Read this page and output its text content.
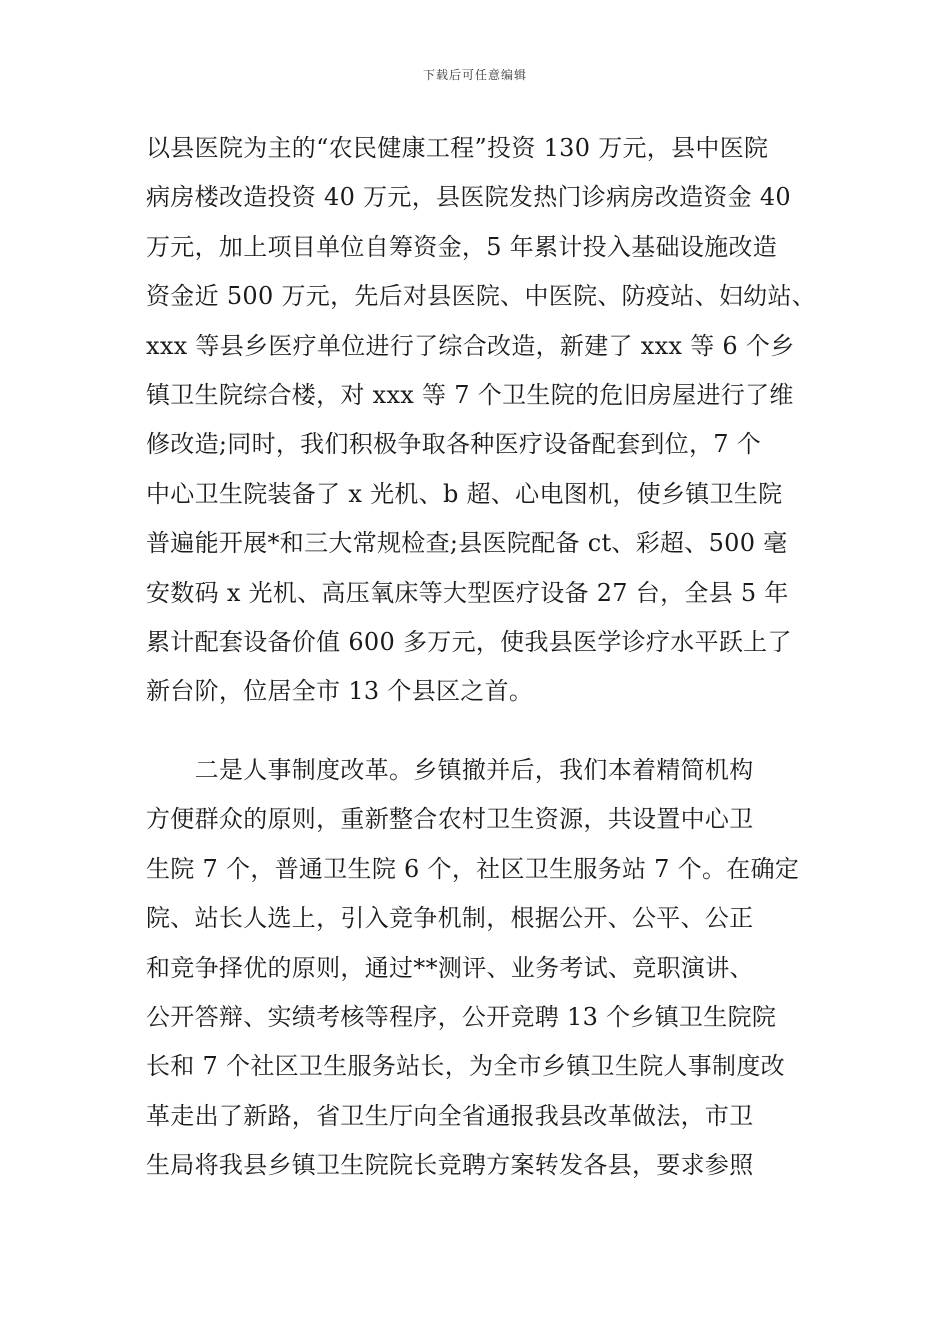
下载后可任意编辑
以县医院为主的“农民健康工程”投资 130 万元，县中医院
病房楼改造投资 40 万元，县医院发热门诊病房改造资金 40
万元，加上项目单位自筹资金，5 年累计投入基础设施改造
资金近 500 万元，先后对县医院、中医院、防疫站、妇幼站、
xxx 等县乡医疗单位进行了综合改造，新建了 xxx 等 6 个乡
镇卫生院综合楼，对 xxx 等 7 个卫生院的危旧房屋进行了维
修改造;同时，我们积极争取各种医疗设备配套到位，7 个
中心卫生院装备了 x 光机、b 超、心电图机，使乡镇卫生院
普遍能开展*和三大常规检查;县医院配备 ct、彩超、500 毫
安数码 x 光机、高压氧床等大型医疗设备 27 台，全县 5 年
累计配套设备价值 600 多万元，使我县医学诊疗水平跃上了
新台阶，位居全市 13 个县区之首。
　　二是人事制度改革。乡镇撤并后，我们本着精简机构
方便群众的原则，重新整合农村卫生资源，共设置中心卫
生院 7 个，普通卫生院 6 个，社区卫生服务站 7 个。在确定
院、站长人选上，引入竞争机制，根据公开、公平、公正
和竞争择优的原则，通过**测评、业务考试、竞职演讲、
公开答辩、实绩考核等程序，公开竞聘 13 个乡镇卫生院院
长和 7 个社区卫生服务站长，为全市乡镇卫生院人事制度改
革走出了新路，省卫生厅向全省通报我县改革做法，市卫
生局将我县乡镇卫生院院长竞聘方案转发各县，要求参照
